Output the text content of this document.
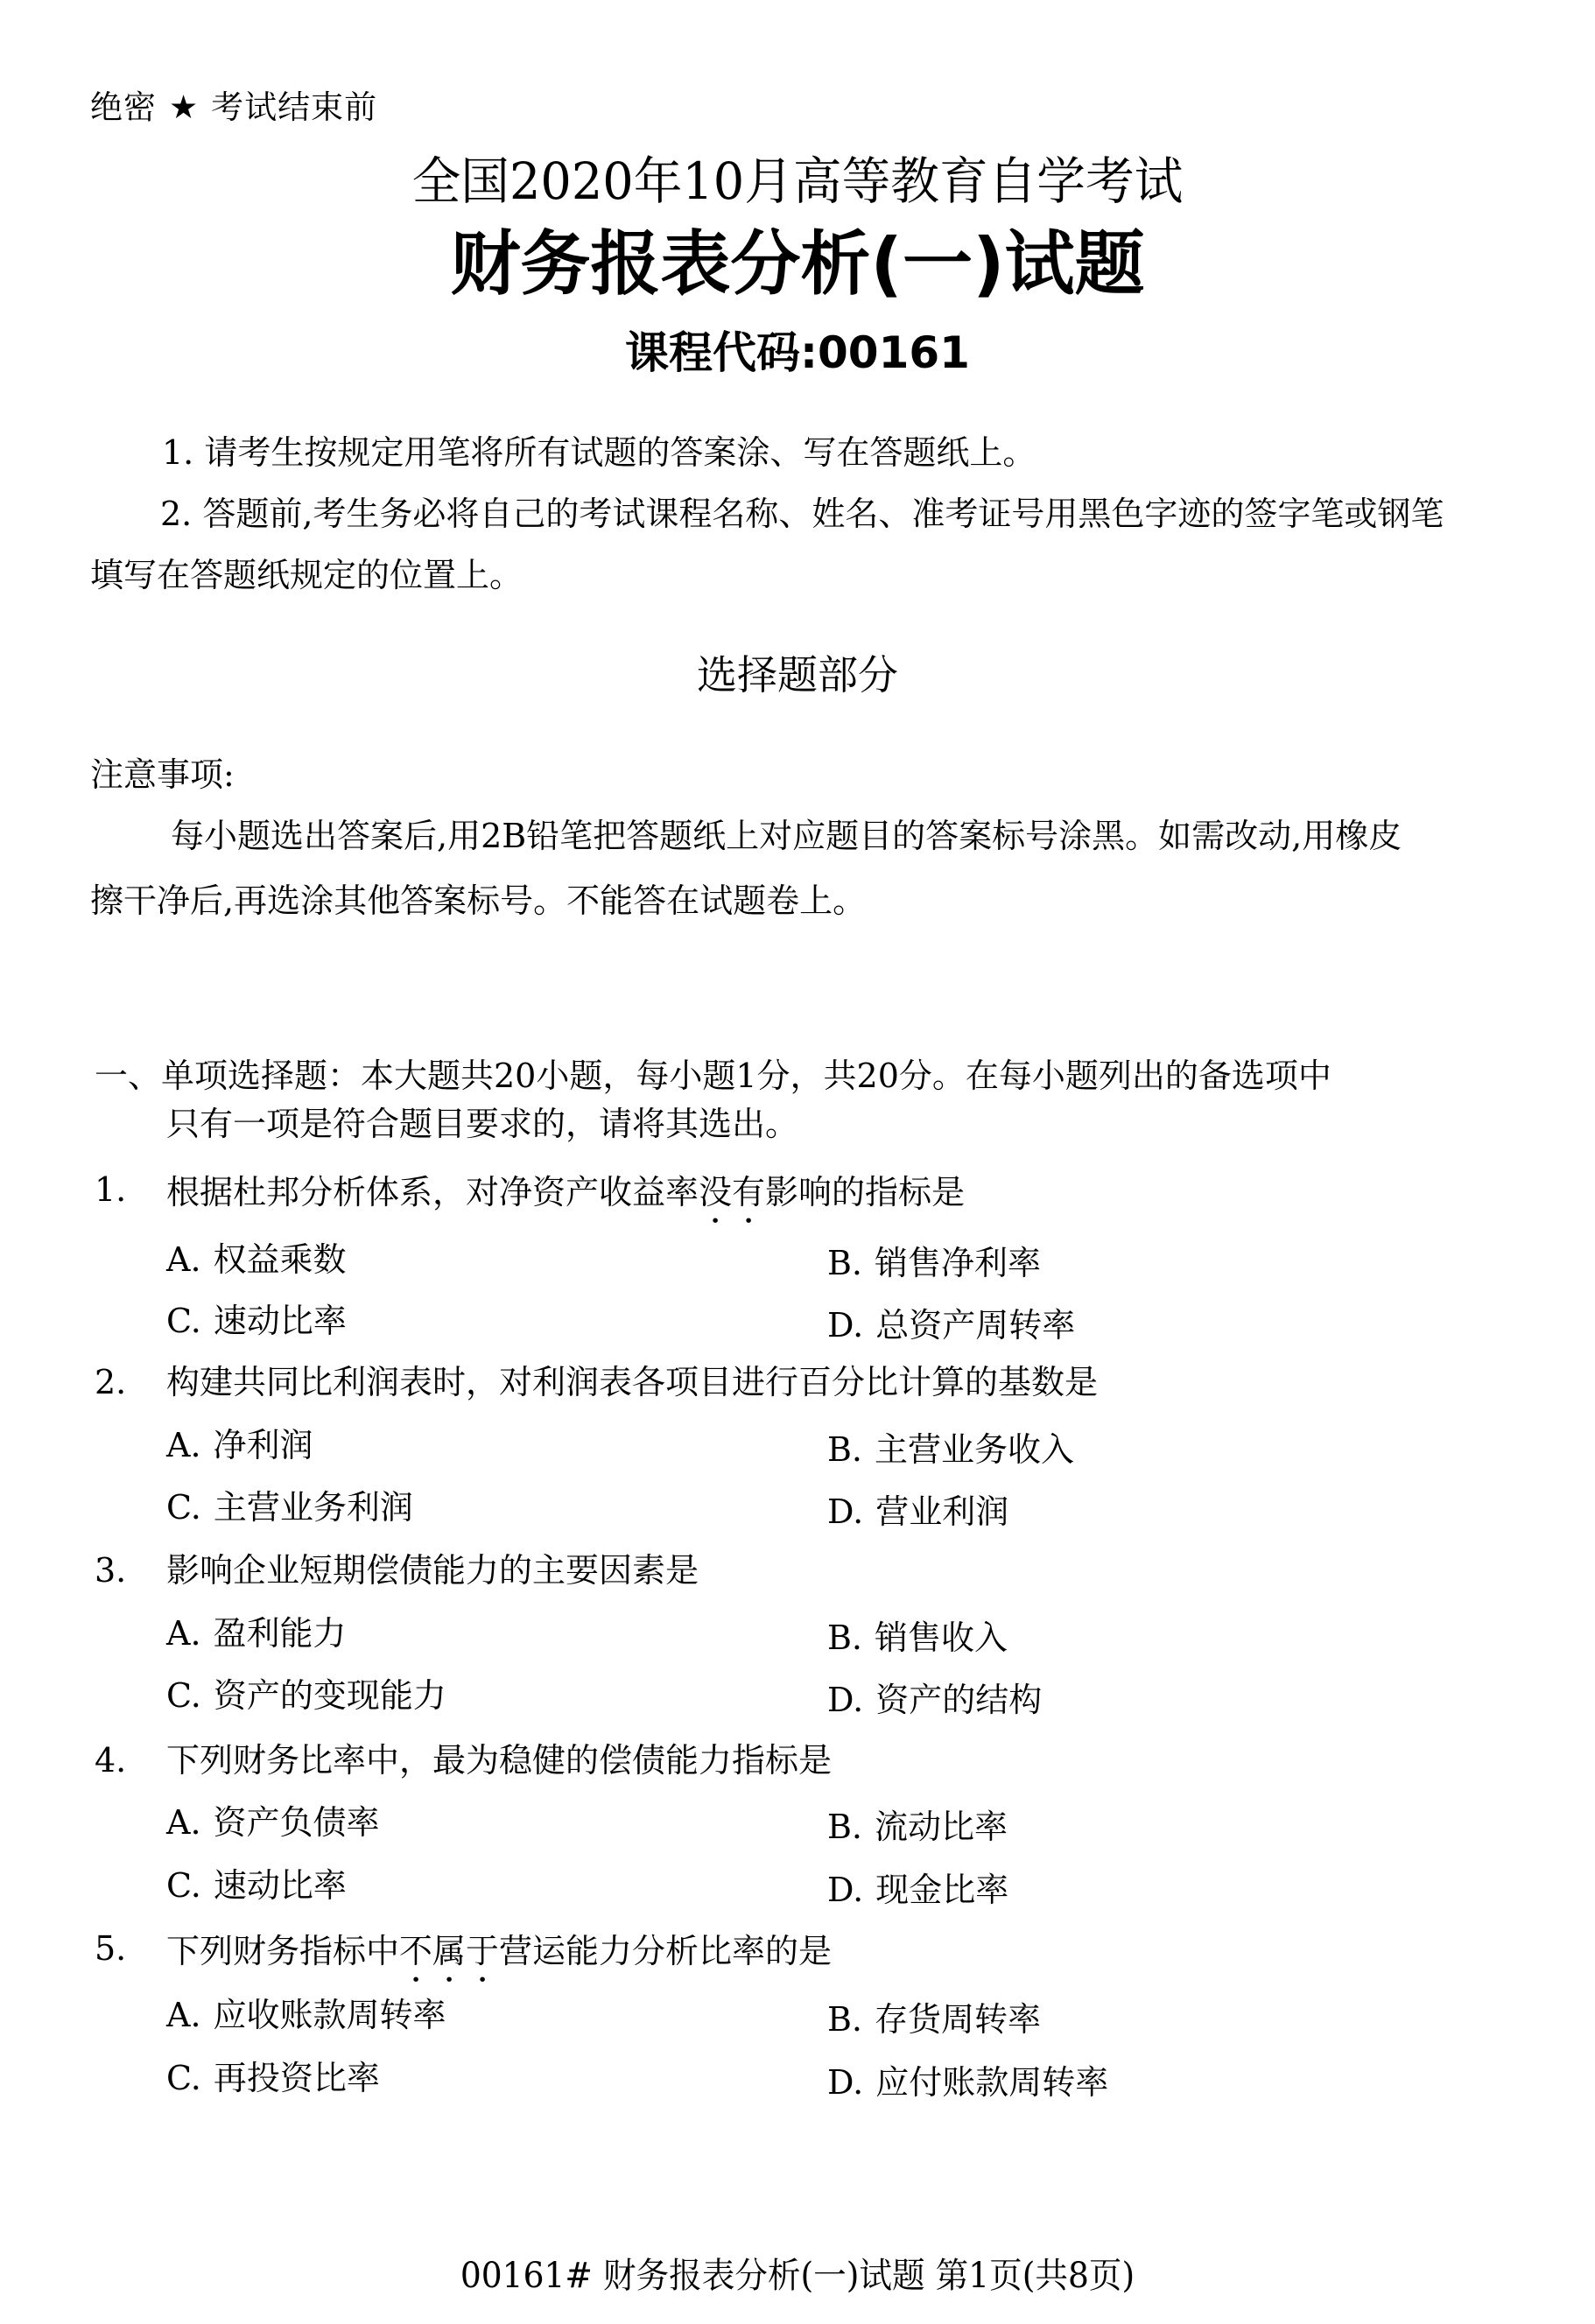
绝密 ★ 考试结束前
全国2020年10月高等教育自学考试
财务报表分析(一)试题
课程代码:00161
1. 请考生按规定用笔将所有试题的答案涂、写在答题纸上。
2. 答题前,考生务必将自己的考试课程名称、姓名、准考证号用黑色字迹的签字笔或钢笔
填写在答题纸规定的位置上。
选择题部分
注意事项:
每小题选出答案后,用2B铅笔把答题纸上对应题目的答案标号涂黑。如需改动,用橡皮
擦干净后,再选涂其他答案标号。不能答在试题卷上。
一、单项选择题：本大题共20小题，每小题1分，共20分。在每小题列出的备选项中
只有一项是符合题目要求的，请将其选出。
1. 根据杜邦分析体系，对净资产收益率没有影响的指标是
A. 权益乘数	B. 销售净利率
C. 速动比率	D. 总资产周转率
2. 构建共同比利润表时，对利润表各项目进行百分比计算的基数是
A. 净利润	B. 主营业务收入
C. 主营业务利润	D. 营业利润
3. 影响企业短期偿债能力的主要因素是
A. 盈利能力	B. 销售收入
C. 资产的变现能力	D. 资产的结构
4. 下列财务比率中，最为稳健的偿债能力指标是
A. 资产负债率	B. 流动比率
C. 速动比率	D. 现金比率
5. 下列财务指标中不属于营运能力分析比率的是
A. 应收账款周转率	B. 存货周转率
C. 再投资比率	D. 应付账款周转率
00161# 财务报表分析(一)试题 第1页(共8页)
